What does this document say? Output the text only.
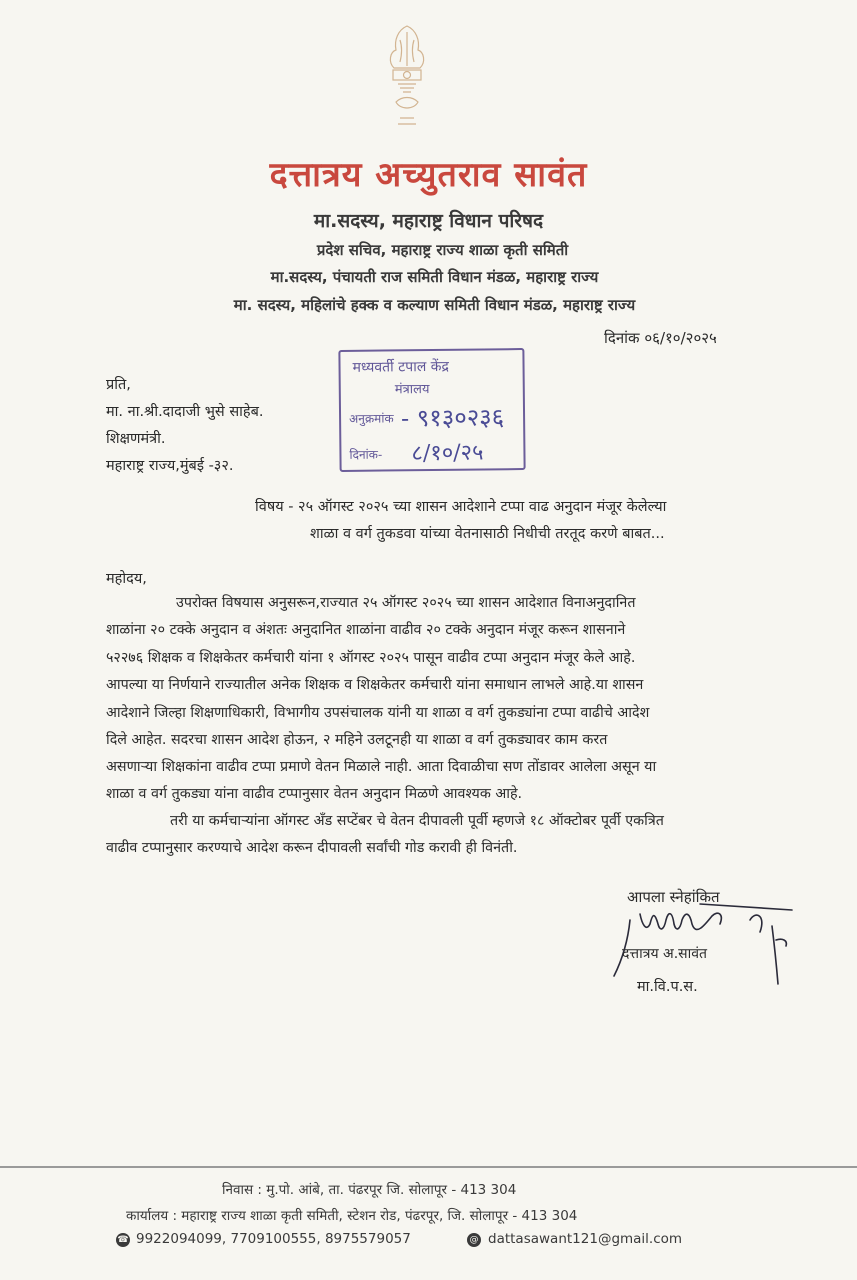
दत्तात्रय अच्युतराव सावंत
मा.सदस्य, महाराष्ट्र विधान परिषद
प्रदेश सचिव, महाराष्ट्र राज्य शाळा कृती समिती
मा.सदस्य, पंचायती राज समिती विधान मंडळ, महाराष्ट्र राज्य
मा. सदस्य, महिलांचे हक्क व कल्याण समिती विधान मंडळ, महाराष्ट्र राज्य
दिनांक ०६/१०/२०२५
प्रति,
मा. ना.श्री.दादाजी भुसे साहेब.
शिक्षणमंत्री.
महाराष्ट्र राज्य,मुंबई -३२.
मध्यवर्ती टपाल केंद्र
मंत्रालय
अनुक्रमांक - ९१३०२३६
दिनांक- ८/१०/२५
विषय - २५ ऑगस्ट २०२५ च्या शासन आदेशाने टप्पा वाढ अनुदान मंजूर केलेल्या
शाळा व वर्ग तुकडवा यांच्या वेतनासाठी निधीची तरतूद करणे बाबत...
महोदय,
उपरोक्त विषयास अनुसरून,राज्यात २५ ऑगस्ट २०२५ च्या शासन आदेशात विनाअनुदानित
शाळांना २० टक्के अनुदान व अंशतः अनुदानित शाळांना वाढीव २० टक्के अनुदान मंजूर करून शासनाने
५२२७६ शिक्षक व शिक्षकेतर कर्मचारी यांना १ ऑगस्ट २०२५ पासून वाढीव टप्पा अनुदान मंजूर केले आहे.
आपल्या या निर्णयाने राज्यातील अनेक शिक्षक व शिक्षकेतर कर्मचारी यांना समाधान लाभले आहे.या शासन
आदेशाने जिल्हा शिक्षणाधिकारी, विभागीय उपसंचालक यांनी या शाळा व वर्ग तुकड्यांना टप्पा वाढीचे आदेश
दिले आहेत. सदरचा शासन आदेश होऊन, २ महिने उलटूनही या शाळा व वर्ग तुकड्यावर काम करत
असणाऱ्या शिक्षकांना वाढीव टप्पा प्रमाणे वेतन मिळाले नाही. आता दिवाळीचा सण तोंडावर आलेला असून या
शाळा व वर्ग तुकड्या यांना वाढीव टप्पानुसार वेतन अनुदान मिळणे आवश्यक आहे.
तरी या कर्मचाऱ्यांना ऑगस्ट अँड सप्टेंबर चे वेतन दीपावली पूर्वी म्हणजे १८ ऑक्टोबर पूर्वी एकत्रित
वाढीव टप्पानुसार करण्याचे आदेश करून दीपावली सर्वांची गोड करावी ही विनंती.
आपला स्नेहांकित
दत्तात्रय अ.सावंत
मा.वि.प.स.
निवास : मु.पो. आंबे, ता. पंढरपूर जि. सोलापूर - 413 304
कार्यालय : महाराष्ट्र राज्य शाळा कृती समिती, स्टेशन रोड, पंढरपूर, जि. सोलापूर - 413 304
☎ 9922094099, 7709100555, 8975579057	@ dattasawant121@gmail.com
